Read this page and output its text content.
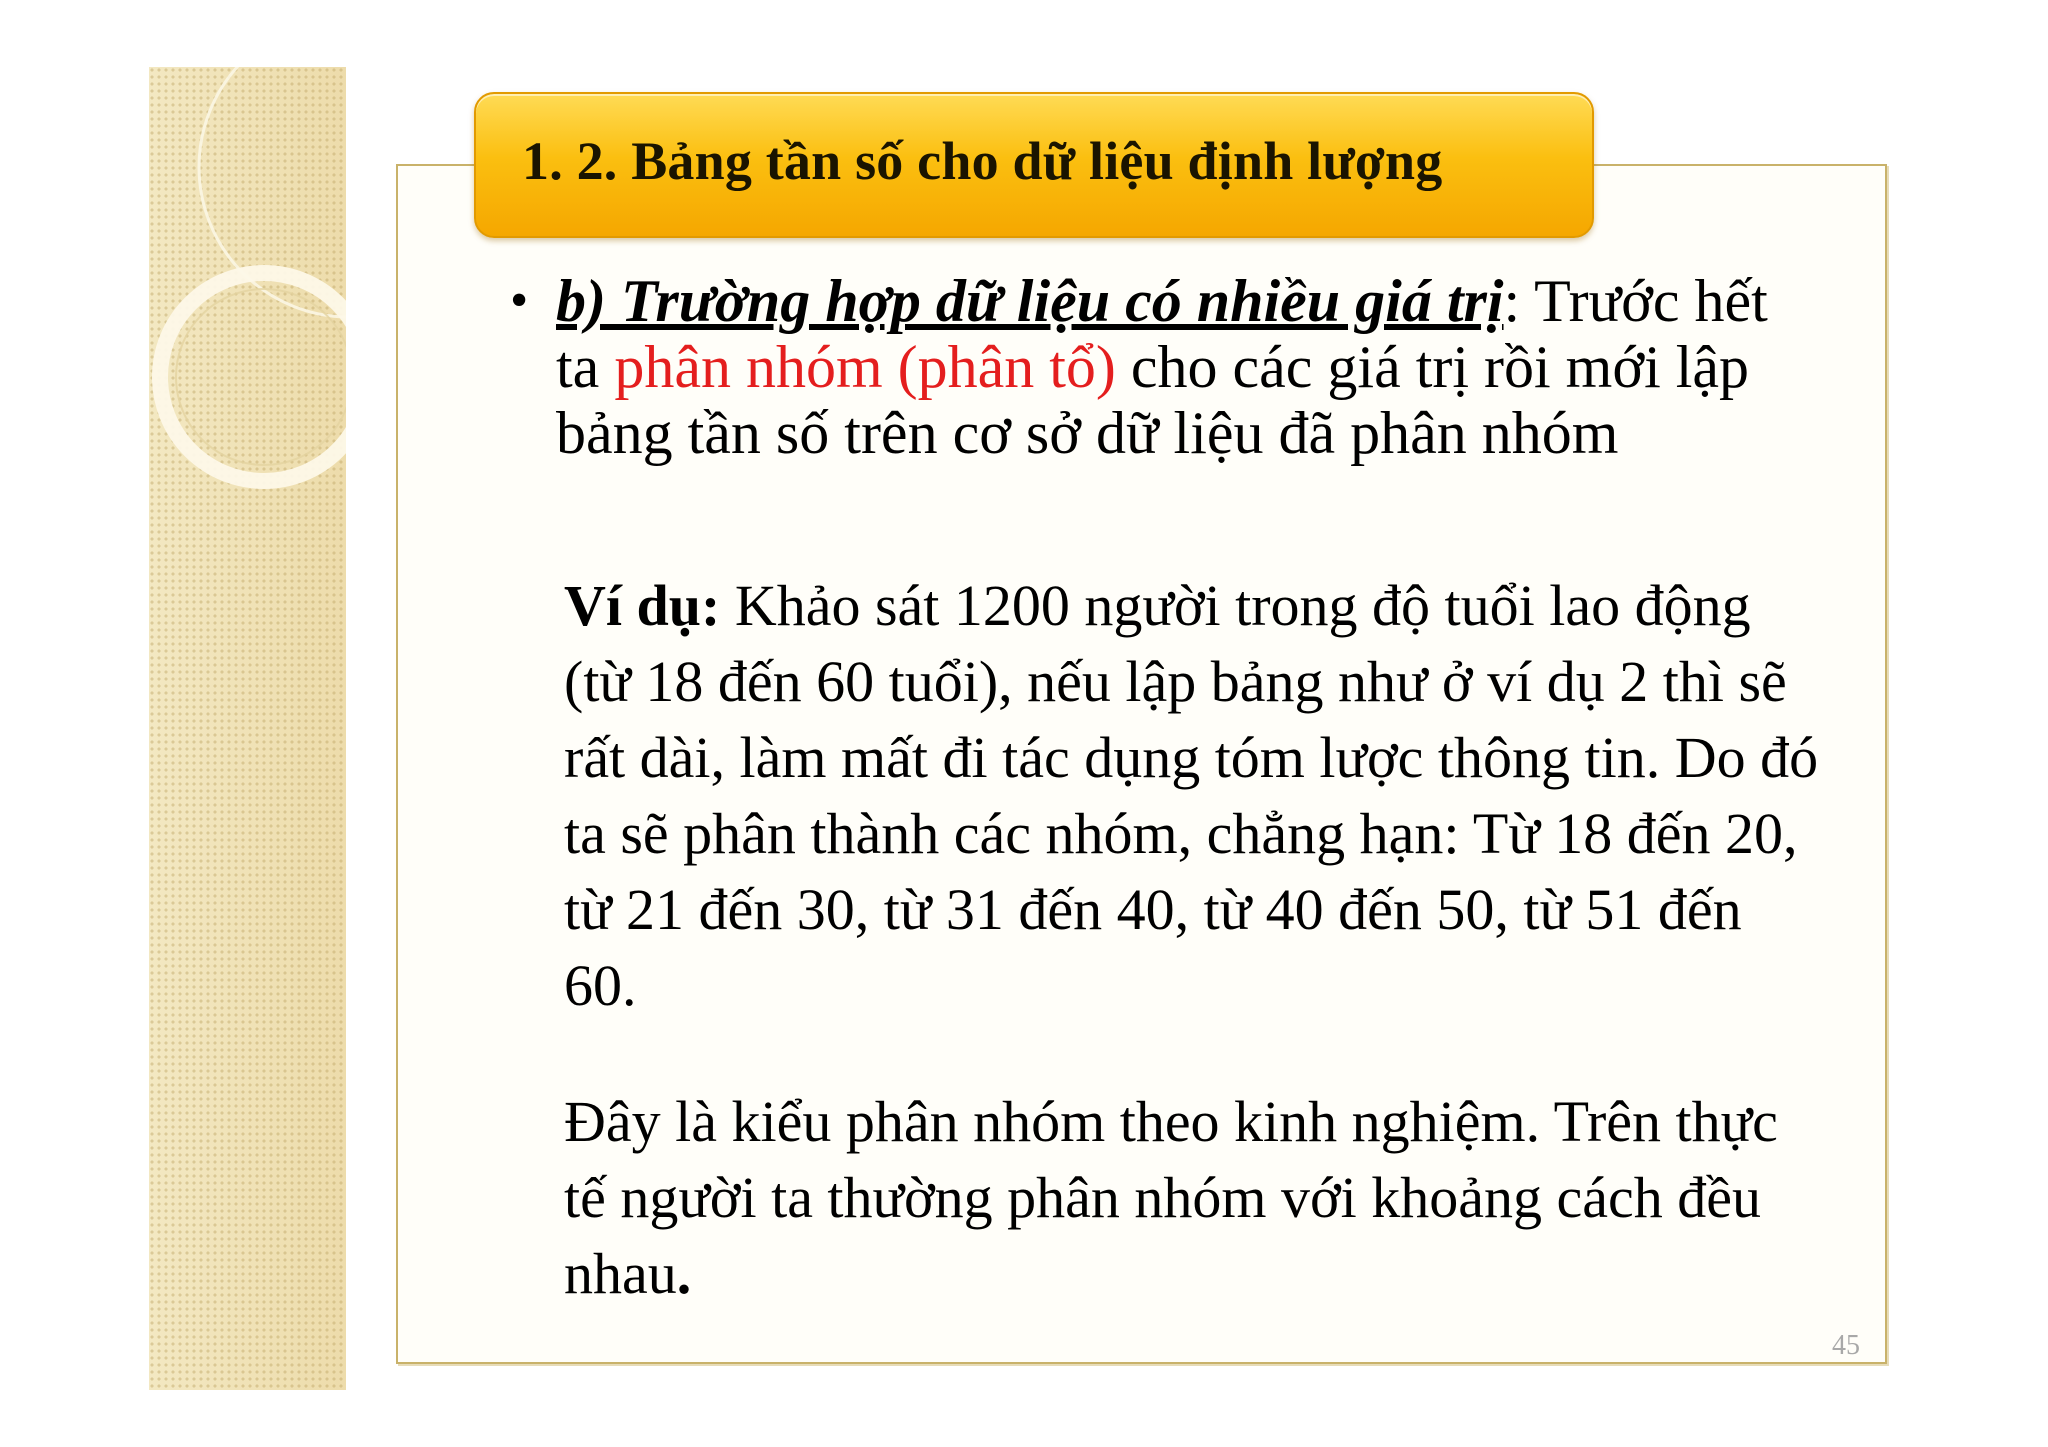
1. 2. Bảng tần số cho dữ liệu định lượng
• b) Trường hợp dữ liệu có nhiều giá trị: Trước hết ta phân nhóm (phân tổ) cho các giá trị rồi mới lập bảng tần số trên cơ sở dữ liệu đã phân nhóm

Ví dụ: Khảo sát 1200 người trong độ tuổi lao động (từ 18 đến 60 tuổi), nếu lập bảng như ở ví dụ 2 thì sẽ rất dài, làm mất đi tác dụng tóm lược thông tin. Do đó ta sẽ phân thành các nhóm, chẳng hạn: Từ 18 đến 20, từ 21 đến 30, từ 31 đến 40, từ 40 đến 50, từ 51 đến 60.

Đây là kiểu phân nhóm theo kinh nghiệm. Trên thực tế người ta thường phân nhóm với khoảng cách đều nhau.

45
